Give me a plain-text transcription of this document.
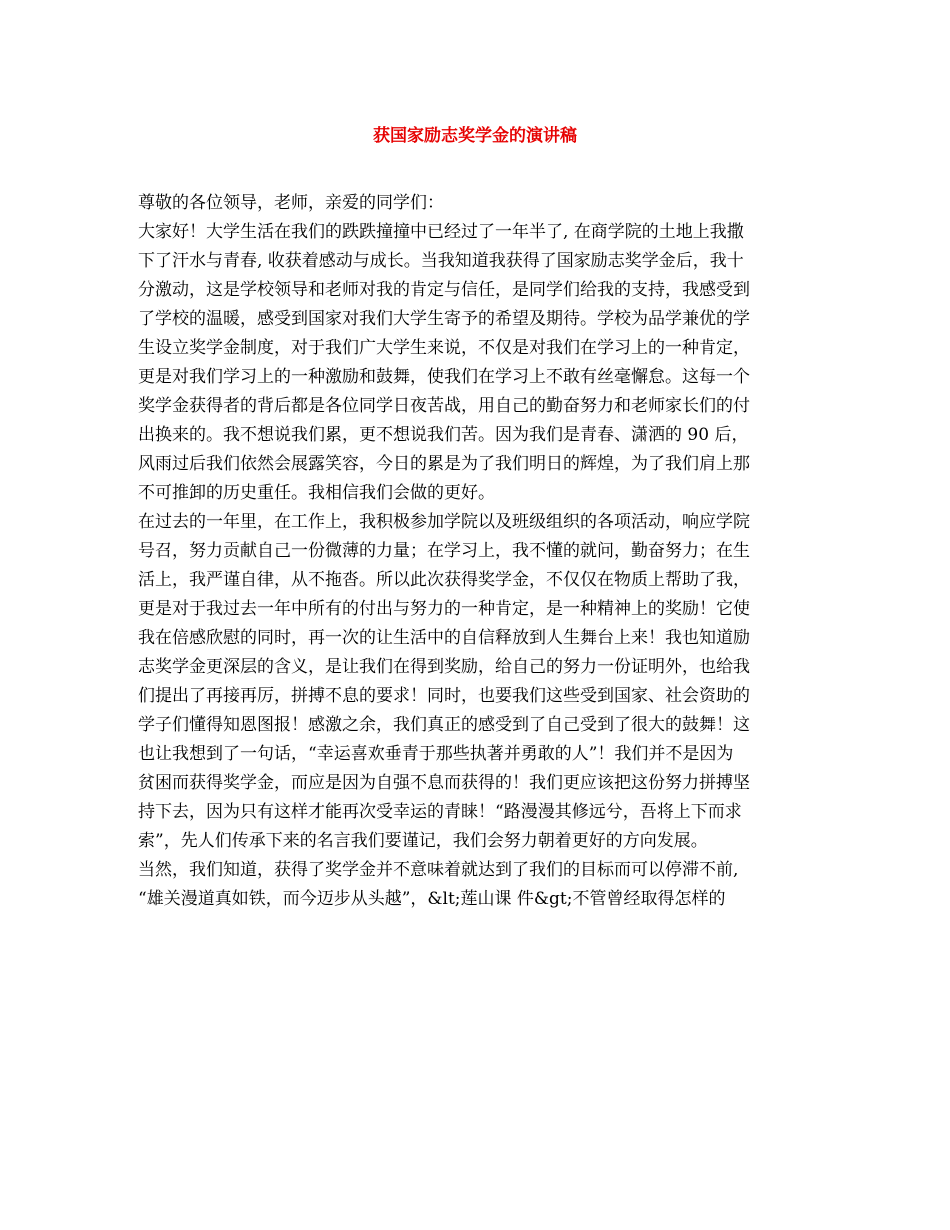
获国家励志奖学金的演讲稿
尊敬的各位领导，老师，亲爱的同学们：
大家好！大学生活在我们的跌跌撞撞中已经过了一年半了, 在商学院的土地上我撒
下了汗水与青春, 收获着感动与成长。当我知道我获得了国家励志奖学金后，我十
分激动，这是学校领导和老师对我的肯定与信任，是同学们给我的支持，我感受到
了学校的温暖，感受到国家对我们大学生寄予的希望及期待。学校为品学兼优的学
生设立奖学金制度，对于我们广大学生来说，不仅是对我们在学习上的一种肯定，
更是对我们学习上的一种激励和鼓舞，使我们在学习上不敢有丝毫懈怠。这每一个
奖学金获得者的背后都是各位同学日夜苦战，用自己的勤奋努力和老师家长们的付
出换来的。我不想说我们累，更不想说我们苦。因为我们是青春、潇洒的 90 后，
风雨过后我们依然会展露笑容，今日的累是为了我们明日的辉煌，为了我们肩上那
不可推卸的历史重任。我相信我们会做的更好。
在过去的一年里，在工作上，我积极参加学院以及班级组织的各项活动，响应学院
号召，努力贡献自己一份微薄的力量；在学习上，我不懂的就问，勤奋努力；在生
活上，我严谨自律，从不拖沓。所以此次获得奖学金，不仅仅在物质上帮助了我，
更是对于我过去一年中所有的付出与努力的一种肯定，是一种精神上的奖励！它使
我在倍感欣慰的同时，再一次的让生活中的自信释放到人生舞台上来！我也知道励
志奖学金更深层的含义，是让我们在得到奖励，给自己的努力一份证明外，也给我
们提出了再接再厉，拼搏不息的要求！同时，也要我们这些受到国家、社会资助的
学子们懂得知恩图报！感激之余，我们真正的感受到了自己受到了很大的鼓舞！这
也让我想到了一句话，“幸运喜欢垂青于那些执著并勇敢的人”！我们并不是因为
贫困而获得奖学金，而应是因为自强不息而获得的！我们更应该把这份努力拼搏坚
持下去，因为只有这样才能再次受幸运的青睐！“路漫漫其修远兮，吾将上下而求
索”，先人们传承下来的名言我们要谨记，我们会努力朝着更好的方向发展。
当然，我们知道，获得了奖学金并不意味着就达到了我们的目标而可以停滞不前,
“雄关漫道真如铁，而今迈步从头越”，&lt;莲山课 件&gt;不管曾经取得怎样的
